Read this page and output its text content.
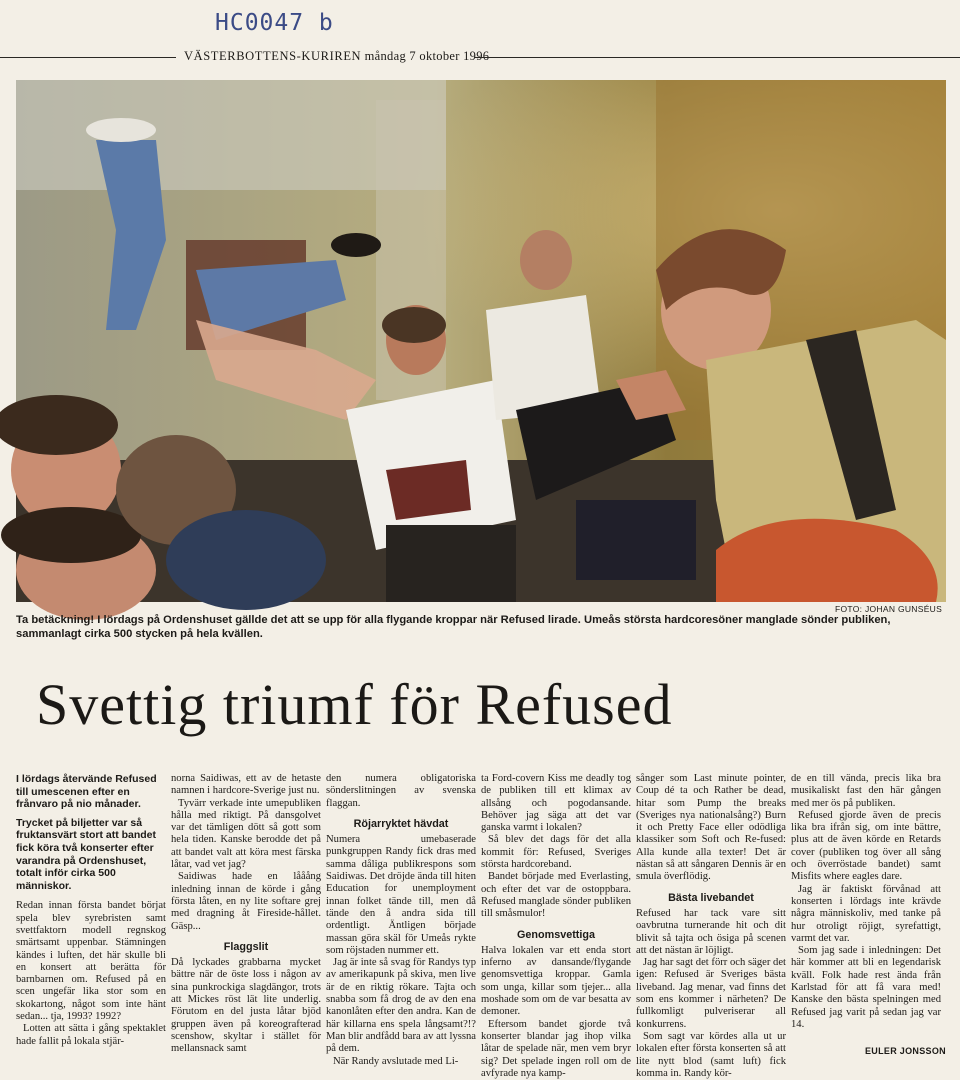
HC0047 b
VÄSTERBOTTENS-KURIREN måndag 7 oktober 1996
FOTO: JOHAN GUNSÉUS
Ta betäckning! I lördags på Ordenshuset gällde det att se upp för alla flygande kroppar när Refused lirade. Umeås största hardcoresöner manglade sönder publiken, sammanlagt cirka 500 stycken på hela kvällen.
Svettig triumf för Refused

I lördags återvände Refused till umescenen efter en frånvaro på nio månader.

Trycket på biljetter var så fruktansvärt stort att bandet fick köra två konserter efter varandra på Ordenshuset, totalt inför cirka 500 människor.

Redan innan första bandet börjat spela blev syrebristen samt svettfaktorn modell regnskog smärtsamt uppenbar. Stämningen kändes i luften, det här skulle bli en konsert att berätta för barnbarnen om. Refused på en scen ungefär lika stor som en skokartong, något som inte hänt sedan... tja, 1993? 1992?

Lotten att sätta i gång spektaklet hade fallit på lokala stjär-

norna Saidiwas, ett av de hetaste namnen i hardcore-Sverige just nu.

Tyvärr verkade inte umepubliken hålla med riktigt. På dansgolvet var det tämligen dött så gott som hela tiden. Kanske berodde det på att bandet valt att köra mest färska låtar, vad vet jag?

Saidiwas hade en lååång inledning innan de körde i gång första låten, en ny lite softare grej med dragning åt Fireside-hållet. Gäsp...

Flaggslit

Då lyckades grabbarna mycket bättre när de öste loss i någon av sina punkrockiga slagdängor, trots att Mickes röst lät lite underlig. Förutom en del justa låtar bjöd gruppen även på koreografterad scenshow, skyltar i stället för mellansnack samt

den numera obligatoriska sönderslitningen av svenska flaggan.

Röjarryktet hävdat

Numera umebaserade punkgruppen Randy fick dras med samma dåliga publikrespons som Saidiwas. Det dröjde ända till hiten Education for unemployment innan folket tände till, men då tände den å andra sida till ordentligt. Äntligen började massan göra skäl för Umeås rykte som röjstaden nummer ett.

Jag är inte så svag för Randys typ av amerikapunk på skiva, men live är de en riktig rökare. Tajta och snabba som få drog de av den ena kanonlåten efter den andra. Kan de här killarna ens spela långsamt?!? Man blir andfådd bara av att lyssna på dem.

När Randy avslutade med Li-

ta Ford-covern Kiss me deadly tog de publiken till ett klimax av allsång och pogodansande. Behöver jag säga att det var ganska varmt i lokalen?

Så blev det dags för det alla kommit för: Refused, Sveriges största hardcoreband.

Bandet började med Everlasting, och efter det var de ostoppbara. Refused manglade sönder publiken till småsmulor!

Genomsvettiga

Halva lokalen var ett enda stort inferno av dansande/flygande genomsvettiga kroppar. Gamla som unga, killar som tjejer... alla moshade som om de var besatta av demoner.

Eftersom bandet gjorde två konserter blandar jag ihop vilka låtar de spelade när, men vem bryr sig? Det spelade ingen roll om de avfyrade nya kamp-

sånger som Last minute pointer, Coup dé ta och Rather be dead, hitar som Pump the breaks (Sveriges nya nationalsång?) Burn it och Pretty Face eller odödliga klassiker som Soft och Re-fused: Alla kunde alla texter! Det är nästan så att sångaren Dennis är en smula överflödig.

Bästa livebandet

Refused har tack vare sitt oavbrutna turnerande hit och dit blivit så tajta och ösiga på scenen att det nästan är löjligt.

Jag har sagt det förr och säger det igen: Refused är Sveriges bästa liveband. Jag menar, vad finns det som ens kommer i närheten? De fullkomligt pulveriserar all konkurrens.

Som sagt var kördes alla ut ur lokalen efter första konserten så att lite nytt blod (samt luft) fick komma in. Randy kör-

de en till vända, precis lika bra musikaliskt fast den här gången med mer ös på publiken.

Refused gjorde även de precis lika bra ifrån sig, om inte bättre, plus att de även körde en Retards cover (publiken tog över all sång och överröstade bandet) samt Misfits where eagles dare.

Jag är faktiskt förvånad att konserten i lördags inte krävde några människoliv, med tanke på hur otroligt röjigt, syrefattigt, varmt det var.

Som jag sade i inledningen: Det här kommer att bli en legendarisk kväll. Folk hade rest ända från Karlstad för att få vara med! Kanske den bästa spelningen med Refused jag varit på sedan jag var 14.

EULER JONSSON
